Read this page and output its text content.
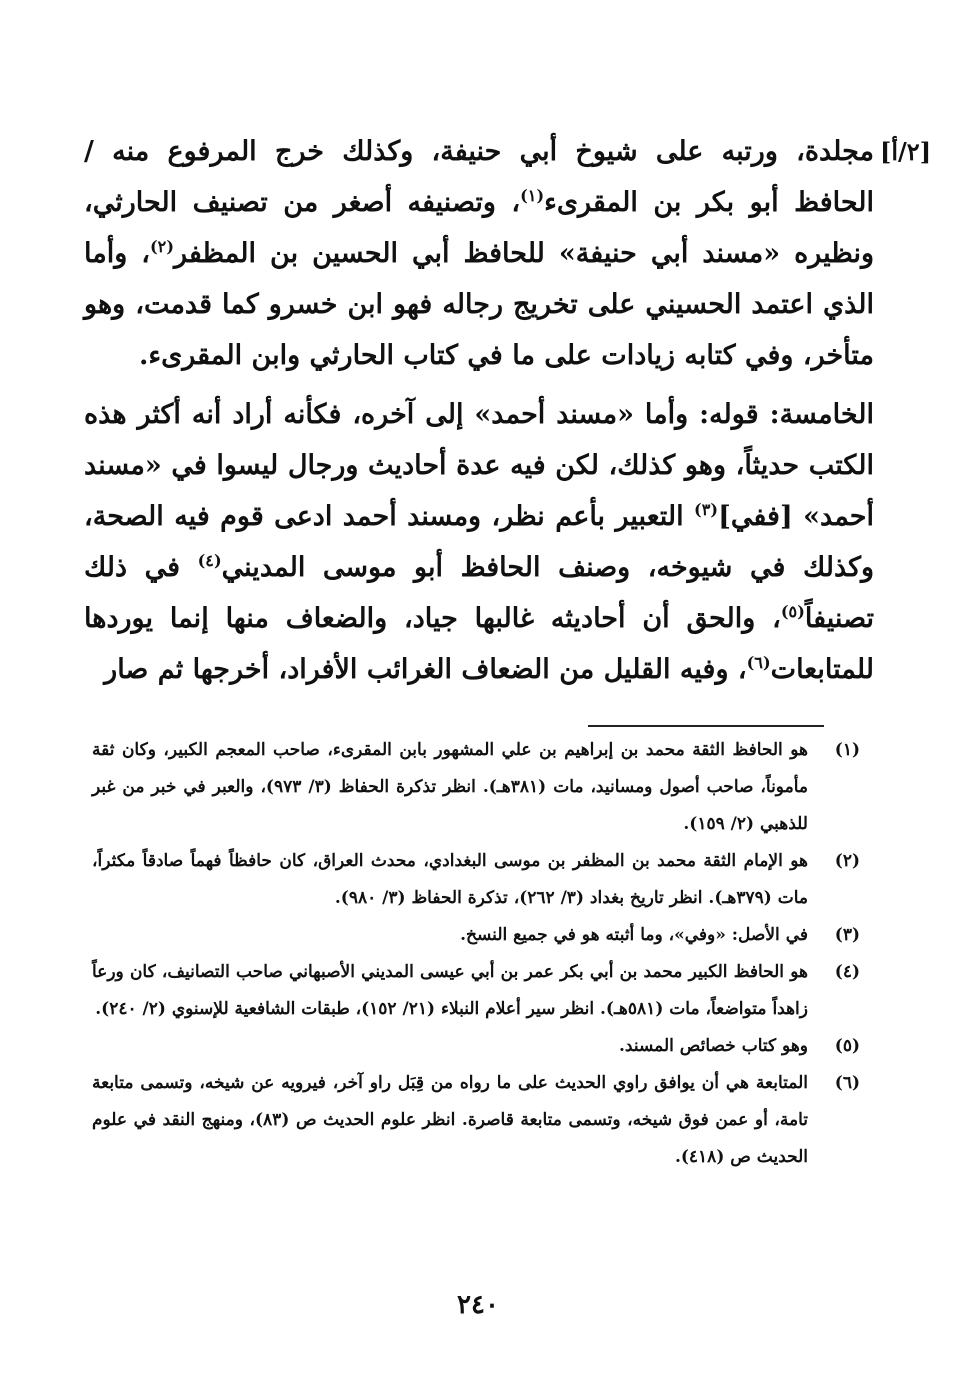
[٢/أ]

مجلدة، ورتبه على شيوخ أبي حنيفة، وكذلك خرج المرفوع منه / الحافظ أبو بكر بن المقرىء$^{(١)}$، وتصنيفه أصغر من تصنيف الحارثي، ونظيره «مسند أبي حنيفة» للحافظ أبي الحسين بن المظفر$^{(٢)}$، وأما الذي اعتمد الحسيني على تخريج رجاله فهو ابن خسرو كما قدمت، وهو متأخر، وفي كتابه زيادات على ما في كتاب الحارثي وابن المقرىء.

الخامسة: قوله: وأما «مسند أحمد» إلى آخره، فكأنه أراد أنه أكثر هذه الكتب حديثاً، وهو كذلك، لكن فيه عدة أحاديث ورجال ليسوا في «مسند أحمد» [ففي]$^{(٣)}$ التعبير بأعم نظر، ومسند أحمد ادعى قوم فيه الصحة، وكذلك في شيوخه، وصنف الحافظ أبو موسى المديني$^{(٤)}$ في ذلك تصنيفاً$^{(٥)}$، والحق أن أحاديثه غالبها جياد، والضعاف منها إنما يوردها للمتابعات$^{(٦)}$، وفيه القليل من الضعاف الغرائب الأفراد، أخرجها ثم صار

(١)
هو الحافظ الثقة محمد بن إبراهيم بن علي المشهور بابن المقرىء، صاحب المعجم الكبير، وكان ثقة مأموناً، صاحب أصول ومسانيد، مات (٣٨١هـ). انظر تذكرة الحفاظ (٣/ ٩٧٣)، والعبر في خبر من غبر للذهبي (٢/ ١٥٩).
(٢)
هو الإمام الثقة محمد بن المظفر بن موسى البغدادي، محدث العراق، كان حافظاً فهماً صادقاً مكثراً، مات (٣٧٩هـ). انظر تاريخ بغداد (٣/ ٢٦٢)، تذكرة الحفاظ (٣/ ٩٨٠).
(٣)
في الأصل: «وفي»، وما أثبته هو في جميع النسخ.
(٤)
هو الحافظ الكبير محمد بن أبي بكر عمر بن أبي عيسى المديني الأصبهاني صاحب التصانيف، كان ورعاً زاهداً متواضعاً، مات (٥٨١هـ). انظر سير أعلام النبلاء (٢١/ ١٥٢)، طبقات الشافعية للإسنوي (٢/ ٢٤٠).
(٥)
وهو كتاب خصائص المسند.
(٦)
المتابعة هي أن يوافق راوي الحديث على ما رواه من قِبَل راو آخر، فيرويه عن شيخه، وتسمى متابعة تامة، أو عمن فوق شيخه، وتسمى متابعة قاصرة. انظر علوم الحديث ص (٨٣)، ومنهج النقد في علوم الحديث ص (٤١٨).
٢٤٠
